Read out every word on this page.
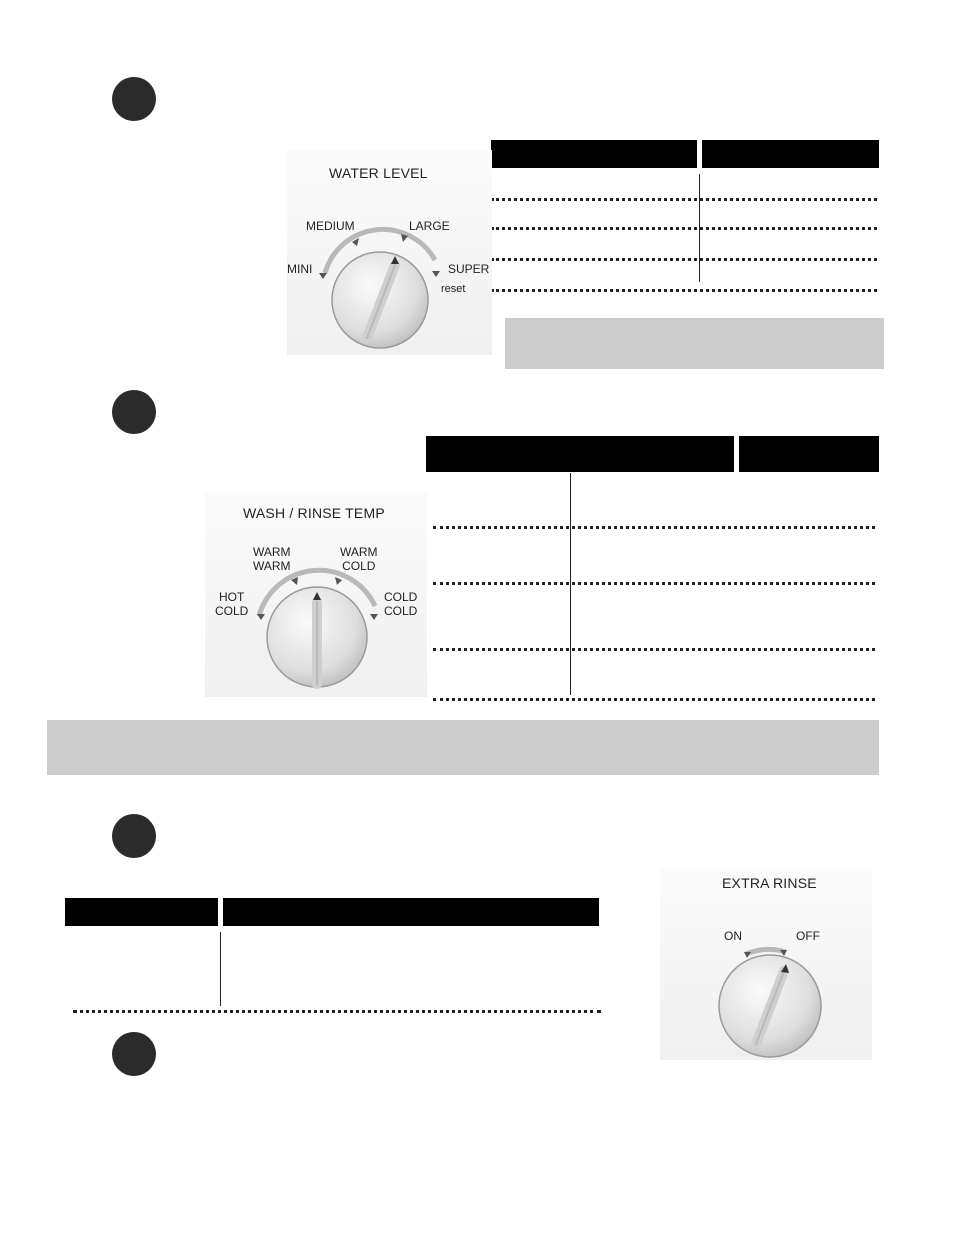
WATER LEVEL
MINI
MEDIUM	LARGE
SUPER
reset
WASH / RINSE TEMP
HOT
COLD
WARM
WARM
WARM
COLD
COLD
COLD
EXTRA RINSE
ON	OFF
